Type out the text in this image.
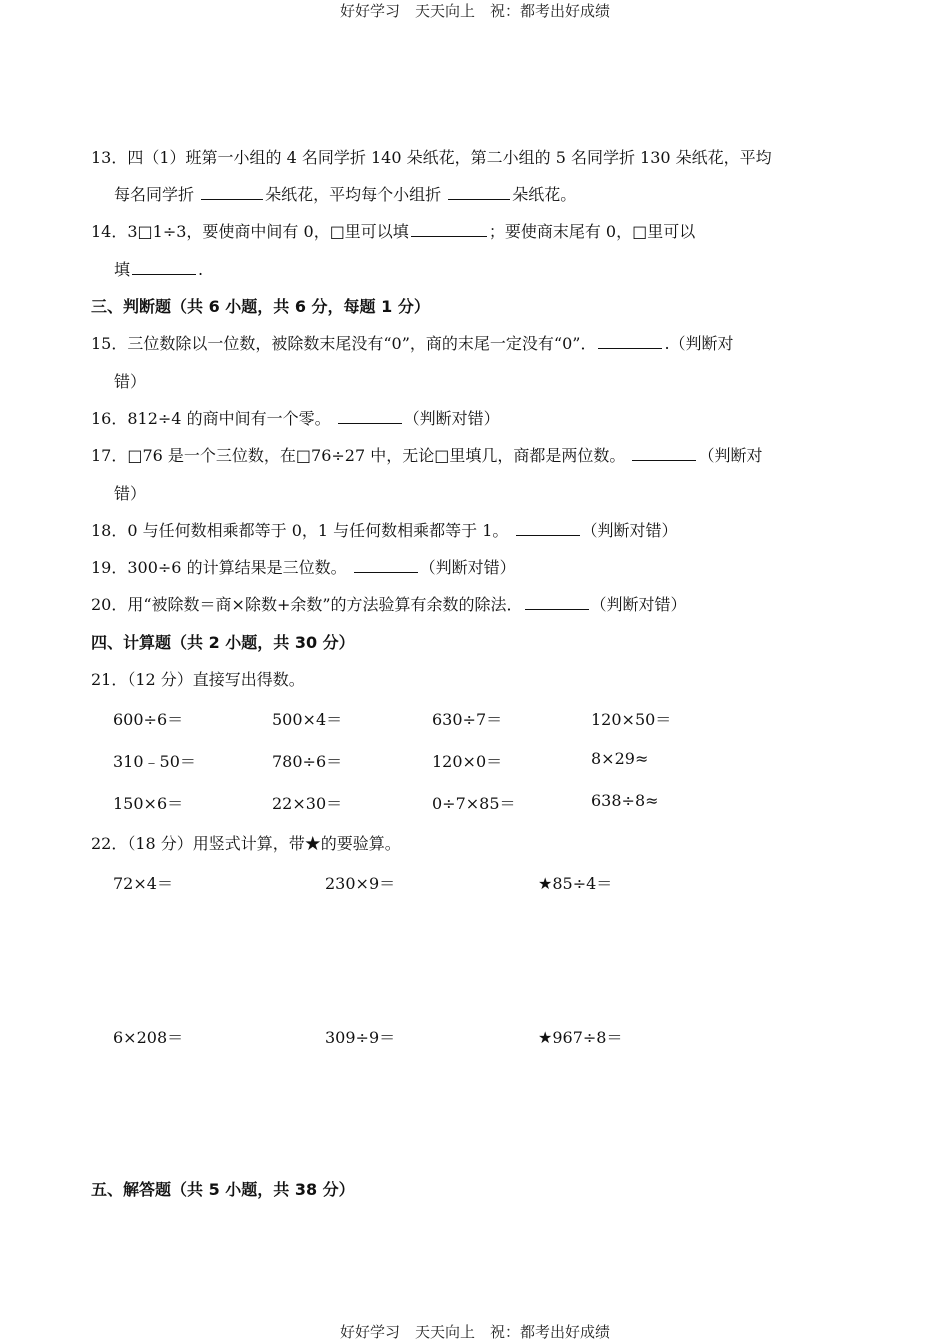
好好学习　天天向上　祝：都考出好成绩
13．四（1）班第一小组的 4 名同学折 140 朵纸花，第二小组的 5 名同学折 130 朵纸花，平均
每名同学折	朵纸花，平均每个小组折	朵纸花。
14．3□1÷3，要使商中间有 0，□里可以填	；要使商末尾有 0，□里可以
填	.
三、判断题（共 6 小题，共 6 分，每题 1 分）
15．三位数除以一位数，被除数末尾没有“0”，商的末尾一定没有“0”．	.（判断对
错）
16．812÷4 的商中间有一个零。	（判断对错）
17．□76 是一个三位数，在□76÷27 中，无论□里填几，商都是两位数。	（判断对
错）
18．0 与任何数相乘都等于 0，1 与任何数相乘都等于 1。	（判断对错）
19．300÷6 的计算结果是三位数。	（判断对错）
20．用“被除数＝商×除数+余数”的方法验算有余数的除法．	（判断对错）
四、计算题（共 2 小题，共 30 分）
21．（12 分）直接写出得数。
600÷6＝	500×4＝	630÷7＝	120×50＝
310﹣50＝	780÷6＝	120×0＝	8×29≈
150×6＝	22×30＝	0÷7×85＝	638÷8≈
22．（18 分）用竖式计算，带★的要验算。
72×4＝	230×9＝	★85÷4＝
6×208＝	309÷9＝	★967÷8＝
五、解答题（共 5 小题，共 38 分）
好好学习　天天向上　祝：都考出好成绩
